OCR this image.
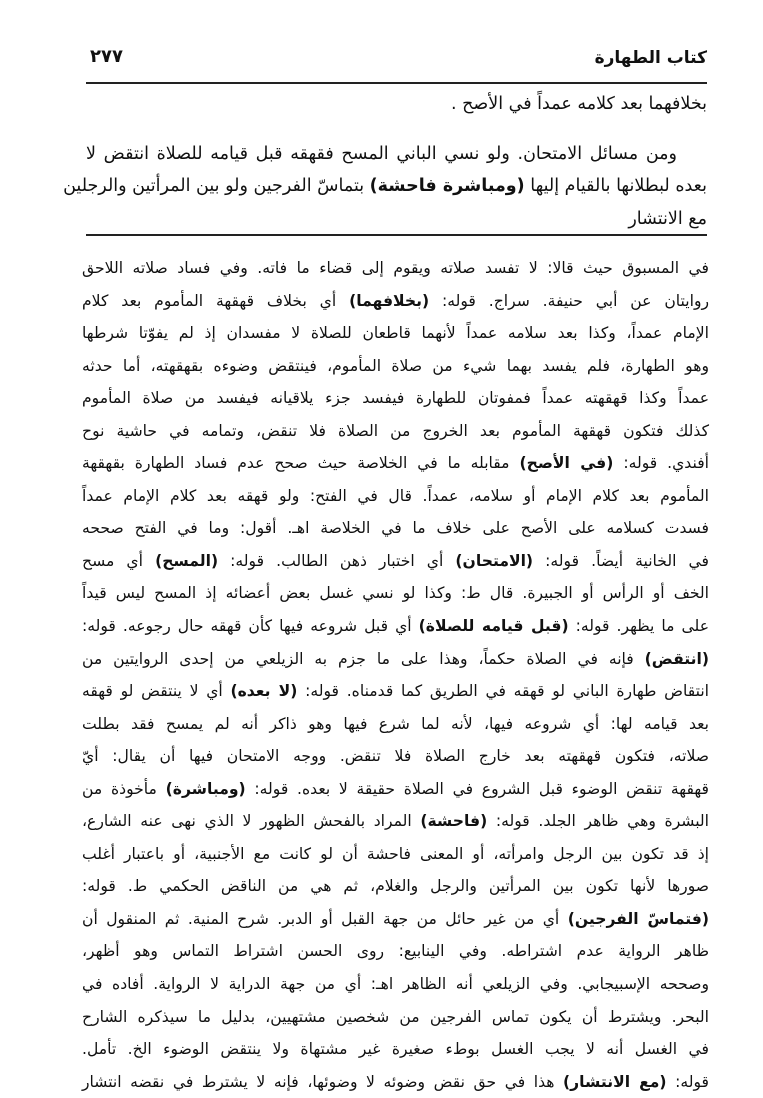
كتاب الطهارة
٢٧٧
بخلافهما بعد كلامه عمداً في الأصح .
ومن مسائل الامتحان. ولو نسي الباني المسح فقهقه قبل قيامه للصلاة انتقض لا
بعده لبطلانها بالقيام إليها (ومباشرة فاحشة) بتماسّ الفرجين ولو بين المرأتين والرجلين
مع الانتشار
في المسبوق حيث قالا: لا تفسد صلاته ويقوم إلى قضاء ما فاته. وفي فساد صلاته اللاحق
روايتان عن أبي حنيفة. سراج. قوله: (بخلافهما) أي بخلاف قهقهة المأموم بعد كلام
الإمام عمداً، وكذا بعد سلامه عمداً لأنهما قاطعان للصلاة لا مفسدان إذ لم يفوّتا شرطها
وهو الطهارة، فلم يفسد بهما شيء من صلاة المأموم، فينتقض وضوءه بقهقهته، أما حدثه
عمداً وكذا قهقهته عمداً فمفوتان للطهارة فيفسد جزء يلاقيانه فيفسد من صلاة المأموم
كذلك فتكون قهقهة المأموم بعد الخروج من الصلاة فلا تنقض، وتمامه في حاشية نوح
أفندي. قوله: (في الأصح) مقابله ما في الخلاصة حيث صحح عدم فساد الطهارة بقهقهة
المأموم بعد كلام الإمام أو سلامه، عمداً. قال في الفتح: ولو قهقه بعد كلام الإمام عمداً
فسدت كسلامه على الأصح على خلاف ما في الخلاصة اهـ. أقول: وما في الفتح صححه
في الخانية أيضاً. قوله: (الامتحان) أي اختبار ذهن الطالب. قوله: (المسح) أي مسح
الخف أو الرأس أو الجبيرة. قال ط: وكذا لو نسي غسل بعض أعضائه إذ المسح ليس قيداً
على ما يظهر. قوله: (قبل قيامه للصلاة) أي قبل شروعه فيها كأن قهقه حال رجوعه. قوله:
(انتقض) فإنه في الصلاة حكماً، وهذا على ما جزم به الزيلعي من إحدى الروايتين من
انتقاض طهارة الباني لو قهقه في الطريق كما قدمناه. قوله: (لا بعده) أي لا ينتقض لو قهقه
بعد قيامه لها: أي شروعه فيها، لأنه لما شرع فيها وهو ذاكر أنه لم يمسح فقد بطلت
صلاته، فتكون قهقهته بعد خارج الصلاة فلا تنقض. ووجه الامتحان فيها أن يقال: أيّ
قهقهة تنقض الوضوء قبل الشروع في الصلاة حقيقة لا بعده. قوله: (ومباشرة) مأخوذة من
البشرة وهي ظاهر الجلد. قوله: (فاحشة) المراد بالفحش الظهور لا الذي نهى عنه الشارع،
إذ قد تكون بين الرجل وامرأته، أو المعنى فاحشة أن لو كانت مع الأجنبية، أو باعتبار أغلب
صورها لأنها تكون بين المرأتين والرجل والغلام، ثم هي من الناقض الحكمي ط. قوله:
(فتماسّ الفرجين) أي من غير حائل من جهة القبل أو الدبر. شرح المنية. ثم المنقول أن
ظاهر الرواية عدم اشتراطه. وفي الينابيع: روى الحسن اشتراط التماس وهو أظهر،
وصححه الإسبيجابي. وفي الزيلعي أنه الظاهر اهـ: أي من جهة الدراية لا الرواية. أفاده في
البحر. ويشترط أن يكون تماس الفرجين من شخصين مشتهيين، بدليل ما سيذكره الشارح
في الغسل أنه لا يجب الغسل بوطء صغيرة غير مشتهاة ولا ينتقض الوضوء الخ. تأمل.
قوله: (مع الانتشار) هذا في حق نقض وضوئه لا وضوئها، فإنه لا يشترط في نقضه انتشار
